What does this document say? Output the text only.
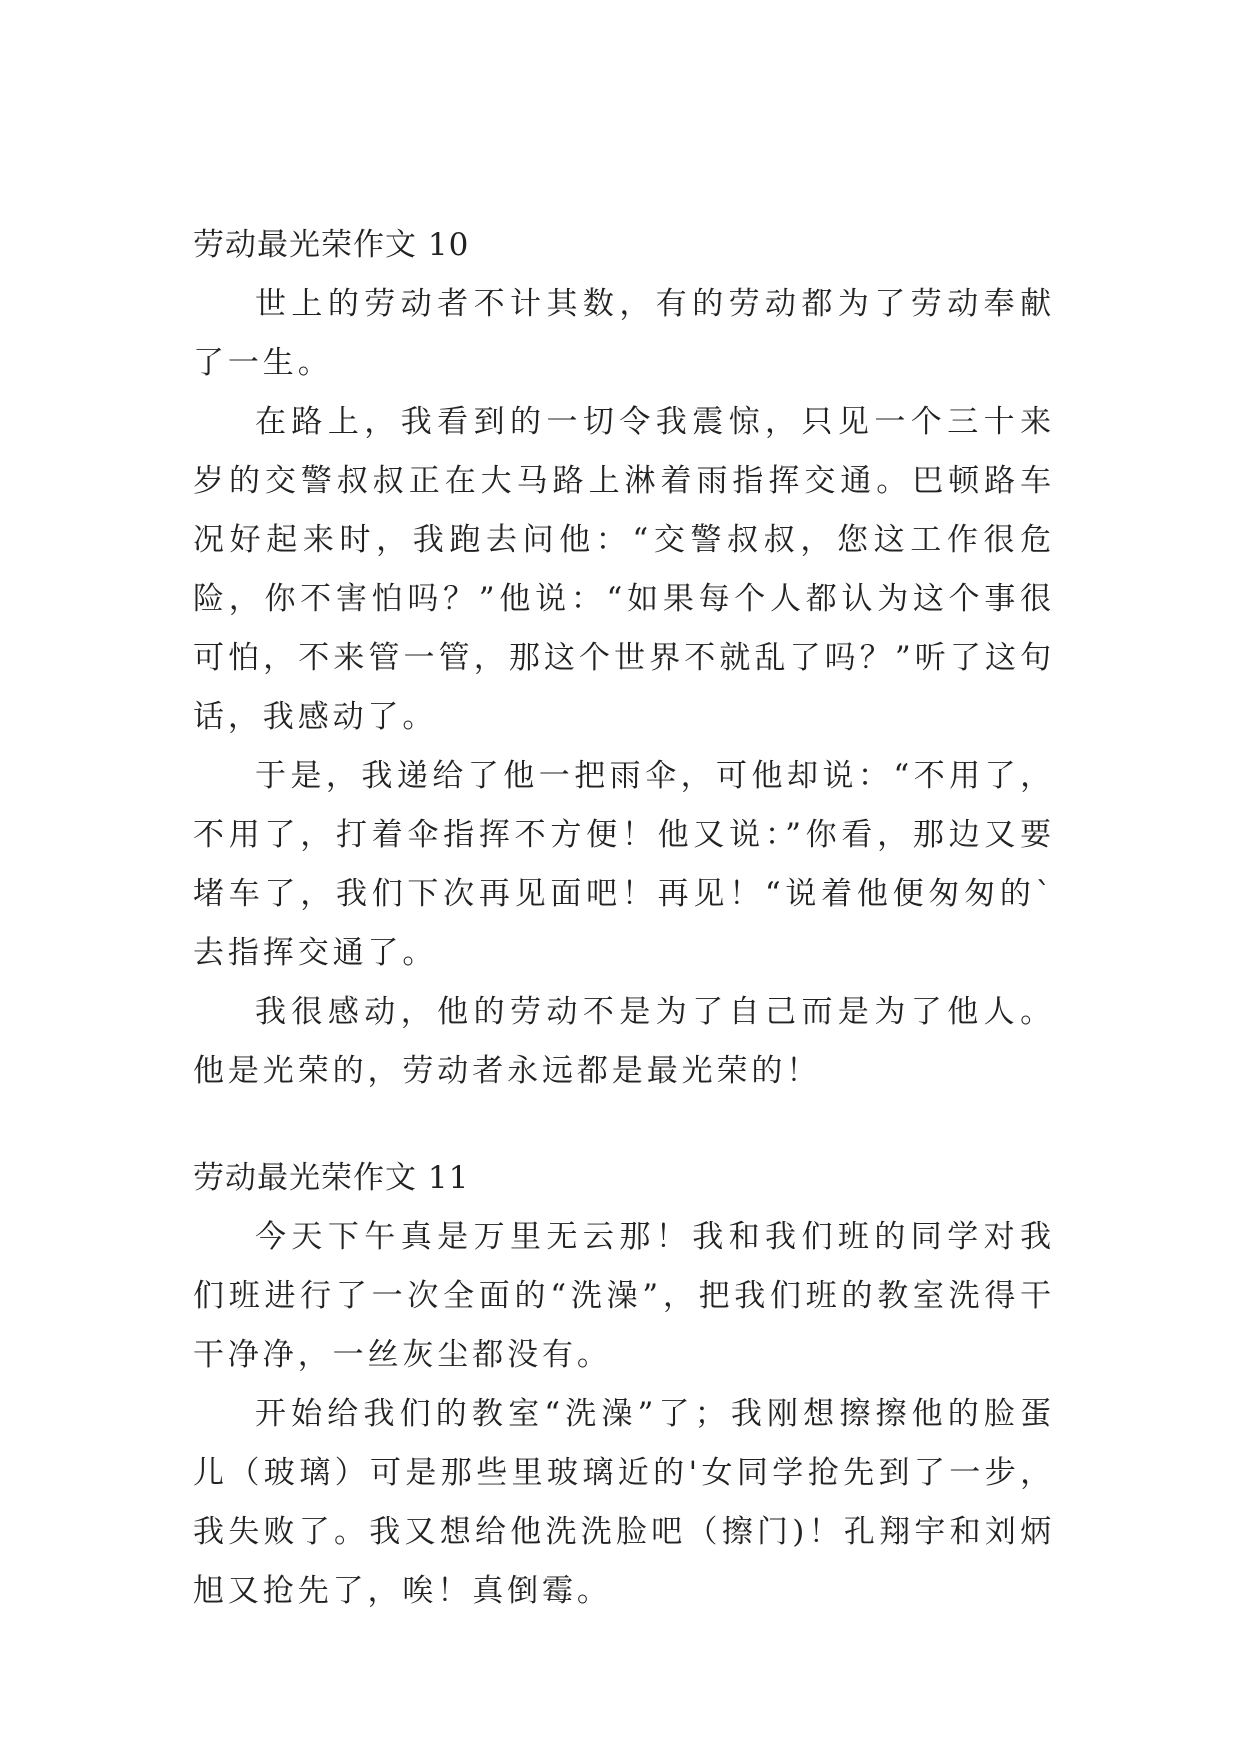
劳动最光荣作文 10

世上的劳动者不计其数，有的劳动都为了劳动奉献了一生。

在路上，我看到的一切令我震惊，只见一个三十来岁的交警叔叔正在大马路上淋着雨指挥交通。巴顿路车况好起来时，我跑去问他：“交警叔叔，您这工作很危险，你不害怕吗？”他说：“如果每个人都认为这个事很可怕，不来管一管，那这个世界不就乱了吗？”听了这句话，我感动了。

于是，我递给了他一把雨伞，可他却说：“不用了，不用了，打着伞指挥不方便！他又说：”你看，那边又要堵车了，我们下次再见面吧！再见！“说着他便匆匆的`去指挥交通了。

我很感动，他的劳动不是为了自己而是为了他人。他是光荣的，劳动者永远都是最光荣的！

劳动最光荣作文 11

今天下午真是万里无云那！我和我们班的同学对我们班进行了一次全面的“洗澡”，把我们班的教室洗得干干净净，一丝灰尘都没有。

开始给我们的教室“洗澡”了；我刚想擦擦他的脸蛋儿（玻璃）可是那些里玻璃近的'女同学抢先到了一步，我失败了。我又想给他洗洗脸吧（擦门)！孔翔宇和刘炳旭又抢先了，唉！真倒霉。
